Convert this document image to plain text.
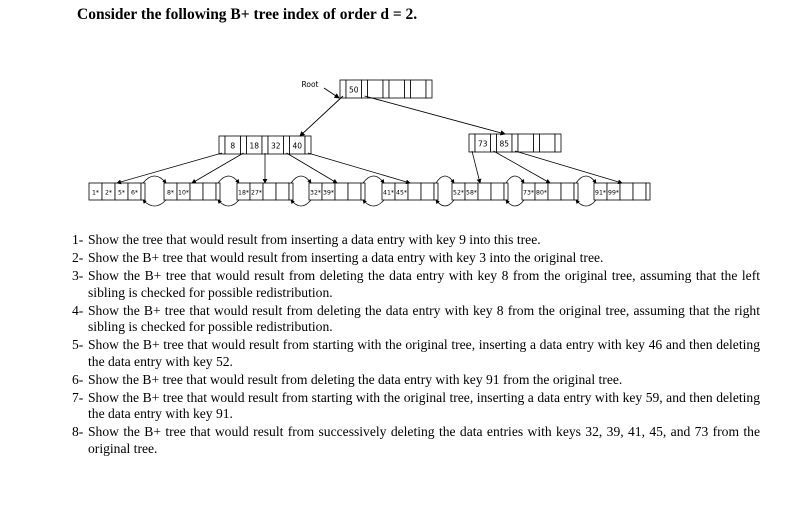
Consider the following B+ tree index of order d = 2.
Root
50
8 18 32 40	73 85
1* 2* 5* 6*	8* 10*	18* 27*	32* 39*	41* 45*	52* 58*	73* 80*	91* 99*
1- Show the tree that would result from inserting a data entry with key 9 into this tree.
2- Show the B+ tree that would result from inserting a data entry with key 3 into the original tree.
3- Show the B+ tree that would result from deleting the data entry with key 8 from the original tree, assuming that the left sibling is checked for possible redistribution.
4- Show the B+ tree that would result from deleting the data entry with key 8 from the original tree, assuming that the right sibling is checked for possible redistribution.
5- Show the B+ tree that would result from starting with the original tree, inserting a data entry with key 46 and then deleting the data entry with key 52.
6- Show the B+ tree that would result from deleting the data entry with key 91 from the original tree.
7- Show the B+ tree that would result from starting with the original tree, inserting a data entry with key 59, and then deleting the data entry with key 91.
8- Show the B+ tree that would result from successively deleting the data entries with keys 32, 39, 41, 45, and 73 from the original tree.
